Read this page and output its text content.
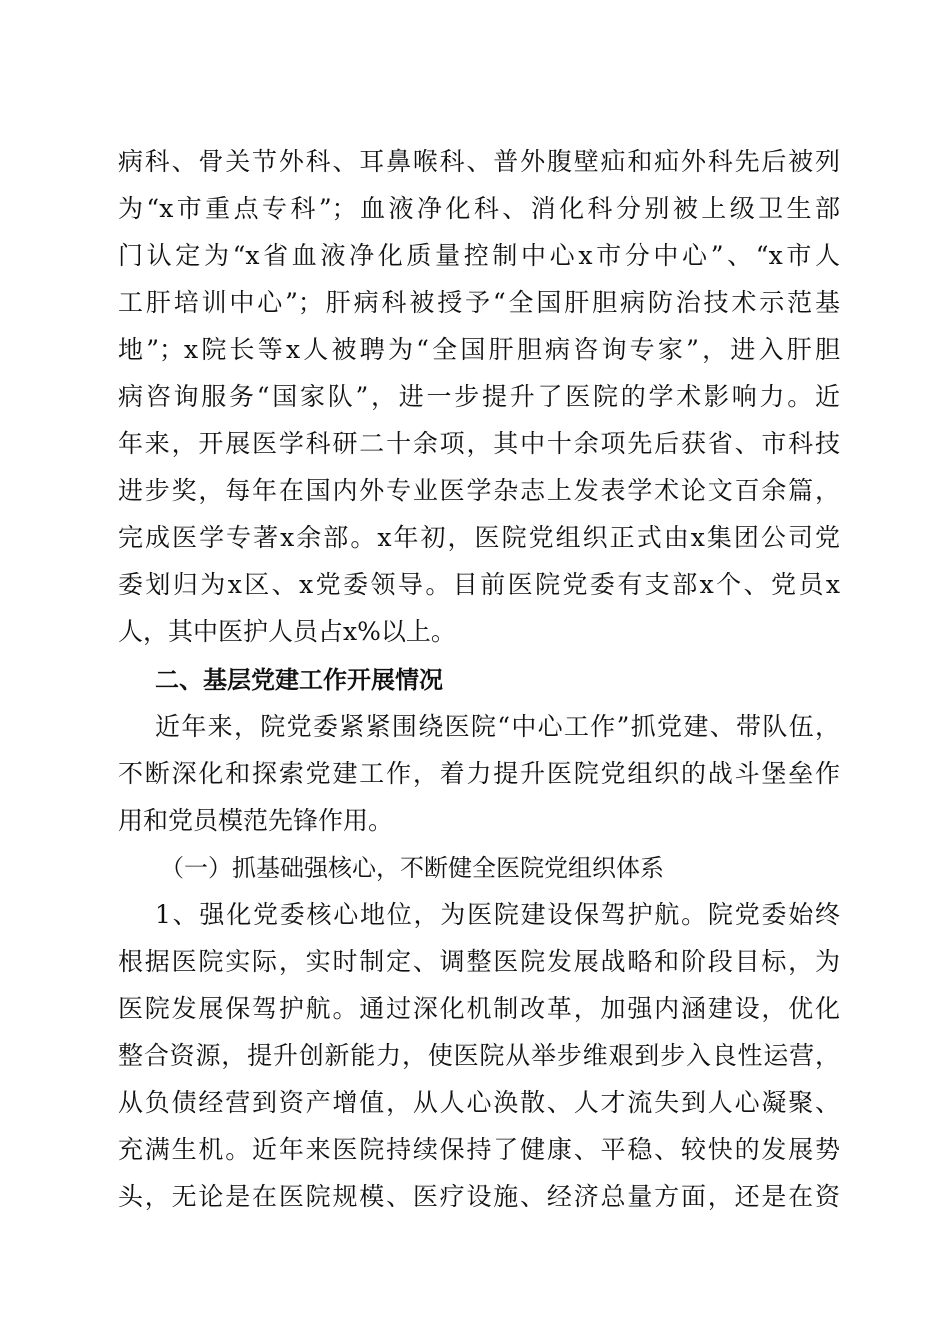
病科、骨关节外科、耳鼻喉科、普外腹壁疝和疝外科先后被列
为“x市重点专科”；血液净化科、消化科分别被上级卫生部
门认定为“x省血液净化质量控制中心x市分中心”、“x市人
工肝培训中心”；肝病科被授予“全国肝胆病防治技术示范基
地”；x院长等x人被聘为“全国肝胆病咨询专家”，进入肝胆
病咨询服务“国家队”，进一步提升了医院的学术影响力。近
年来，开展医学科研二十余项，其中十余项先后获省、市科技
进步奖，每年在国内外专业医学杂志上发表学术论文百余篇，
完成医学专著x余部。x年初，医院党组织正式由x集团公司党
委划归为x区、x党委领导。目前医院党委有支部x个、党员x
人，其中医护人员占x%以上。
二、基层党建工作开展情况
近年来，院党委紧紧围绕医院“中心工作”抓党建、带队伍，
不断深化和探索党建工作，着力提升医院党组织的战斗堡垒作
用和党员模范先锋作用。
（一）抓基础强核心，不断健全医院党组织体系
1、强化党委核心地位，为医院建设保驾护航。院党委始终
根据医院实际，实时制定、调整医院发展战略和阶段目标，为
医院发展保驾护航。通过深化机制改革，加强内涵建设，优化
整合资源，提升创新能力，使医院从举步维艰到步入良性运营，
从负债经营到资产增值，从人心涣散、人才流失到人心凝聚、
充满生机。近年来医院持续保持了健康、平稳、较快的发展势
头，无论是在医院规模、医疗设施、经济总量方面，还是在资
